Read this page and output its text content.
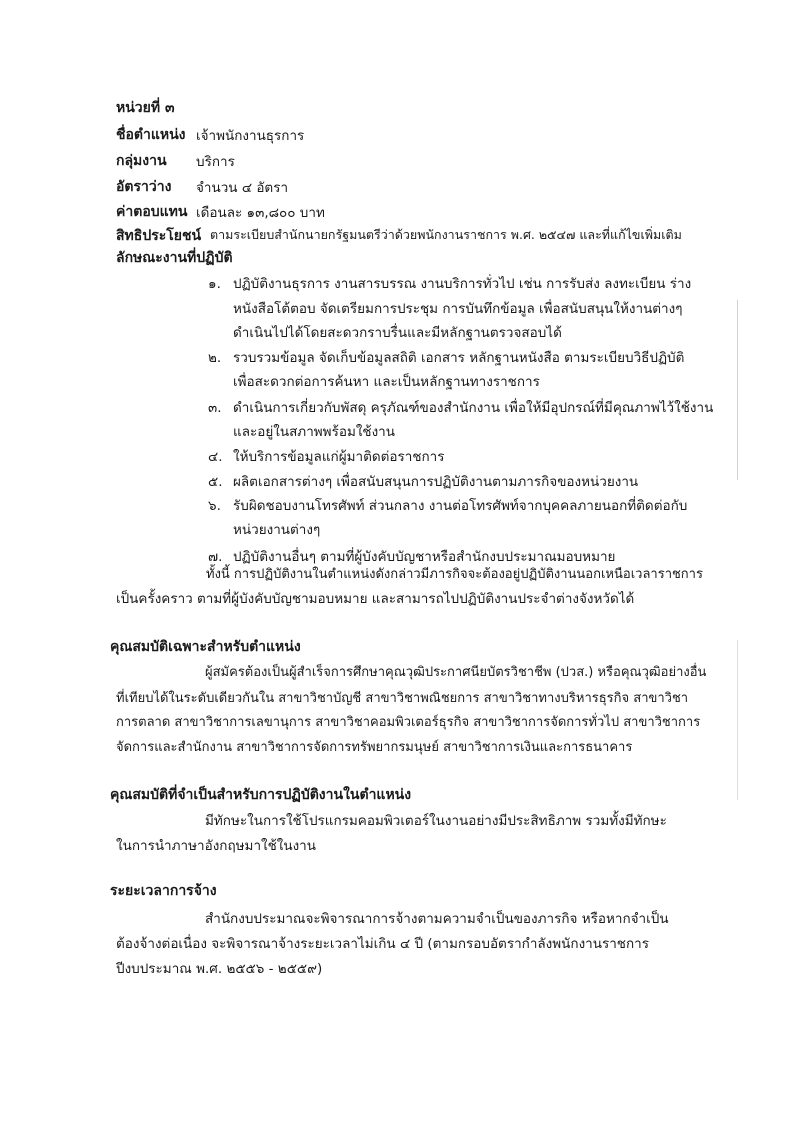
หน่วยที่ ๓
ชื่อตำแหน่ง เจ้าพนักงานธุรการ
กลุ่มงาน บริการ
อัตราว่าง จำนวน ๔ อัตรา
ค่าตอบแทน เดือนละ ๑๓,๘๐๐ บาท
สิทธิประโยชน์ ตามระเบียบสำนักนายกรัฐมนตรีว่าด้วยพนักงานราชการ พ.ศ. ๒๕๔๗ และที่แก้ไขเพิ่มเติม
ลักษณะงานที่ปฏิบัติ
๑. ปฏิบัติงานธุรการ งานสารบรรณ งานบริการทั่วไป เช่น การรับส่ง ลงทะเบียน ร่าง
หนังสือโต้ตอบ จัดเตรียมการประชุม การบันทึกข้อมูล เพื่อสนับสนุนให้งานต่างๆ
ดำเนินไปได้โดยสะดวกราบรื่นและมีหลักฐานตรวจสอบได้
๒. รวบรวมข้อมูล จัดเก็บข้อมูลสถิติ เอกสาร หลักฐานหนังสือ ตามระเบียบวิธีปฏิบัติ
เพื่อสะดวกต่อการค้นหา และเป็นหลักฐานทางราชการ
๓. ดำเนินการเกี่ยวกับพัสดุ ครุภัณฑ์ของสำนักงาน เพื่อให้มีอุปกรณ์ที่มีคุณภาพไว้ใช้งาน
และอยู่ในสภาพพร้อมใช้งาน
๔. ให้บริการข้อมูลแก่ผู้มาติดต่อราชการ
๕. ผลิตเอกสารต่างๆ เพื่อสนับสนุนการปฏิบัติงานตามภารกิจของหน่วยงาน
๖. รับผิดชอบงานโทรศัพท์ ส่วนกลาง งานต่อโทรศัพท์จากบุคคลภายนอกที่ติดต่อกับ
หน่วยงานต่างๆ
๗. ปฏิบัติงานอื่นๆ ตามที่ผู้บังคับบัญชาหรือสำนักงบประมาณมอบหมาย
ทั้งนี้ การปฏิบัติงานในตำแหน่งดังกล่าวมีภารกิจจะต้องอยู่ปฏิบัติงานนอกเหนือเวลาราชการ
เป็นครั้งคราว ตามที่ผู้บังคับบัญชามอบหมาย และสามารถไปปฏิบัติงานประจำต่างจังหวัดได้
คุณสมบัติเฉพาะสำหรับตำแหน่ง
ผู้สมัครต้องเป็นผู้สำเร็จการศึกษาคุณวุฒิประกาศนียบัตรวิชาชีพ (ปวส.) หรือคุณวุฒิอย่างอื่น
ที่เทียบได้ในระดับเดียวกันใน สาขาวิชาบัญชี สาขาวิชาพณิชยการ สาขาวิชาทางบริหารธุรกิจ สาขาวิชา
การตลาด สาขาวิชาการเลขานุการ สาขาวิชาคอมพิวเตอร์ธุรกิจ สาขาวิชาการจัดการทั่วไป สาขาวิชาการ
จัดการและสำนักงาน สาขาวิชาการจัดการทรัพยากรมนุษย์ สาขาวิชาการเงินและการธนาคาร
คุณสมบัติที่จำเป็นสำหรับการปฏิบัติงานในตำแหน่ง
มีทักษะในการใช้โปรแกรมคอมพิวเตอร์ในงานอย่างมีประสิทธิภาพ รวมทั้งมีทักษะ
ในการนำภาษาอังกฤษมาใช้ในงาน
ระยะเวลาการจ้าง
สำนักงบประมาณจะพิจารณาการจ้างตามความจำเป็นของภารกิจ หรือหากจำเป็น
ต้องจ้างต่อเนื่อง จะพิจารณาจ้างระยะเวลาไม่เกิน ๔ ปี (ตามกรอบอัตรากำลังพนักงานราชการ
ปีงบประมาณ พ.ศ. ๒๕๕๖ - ๒๕๕๙)
